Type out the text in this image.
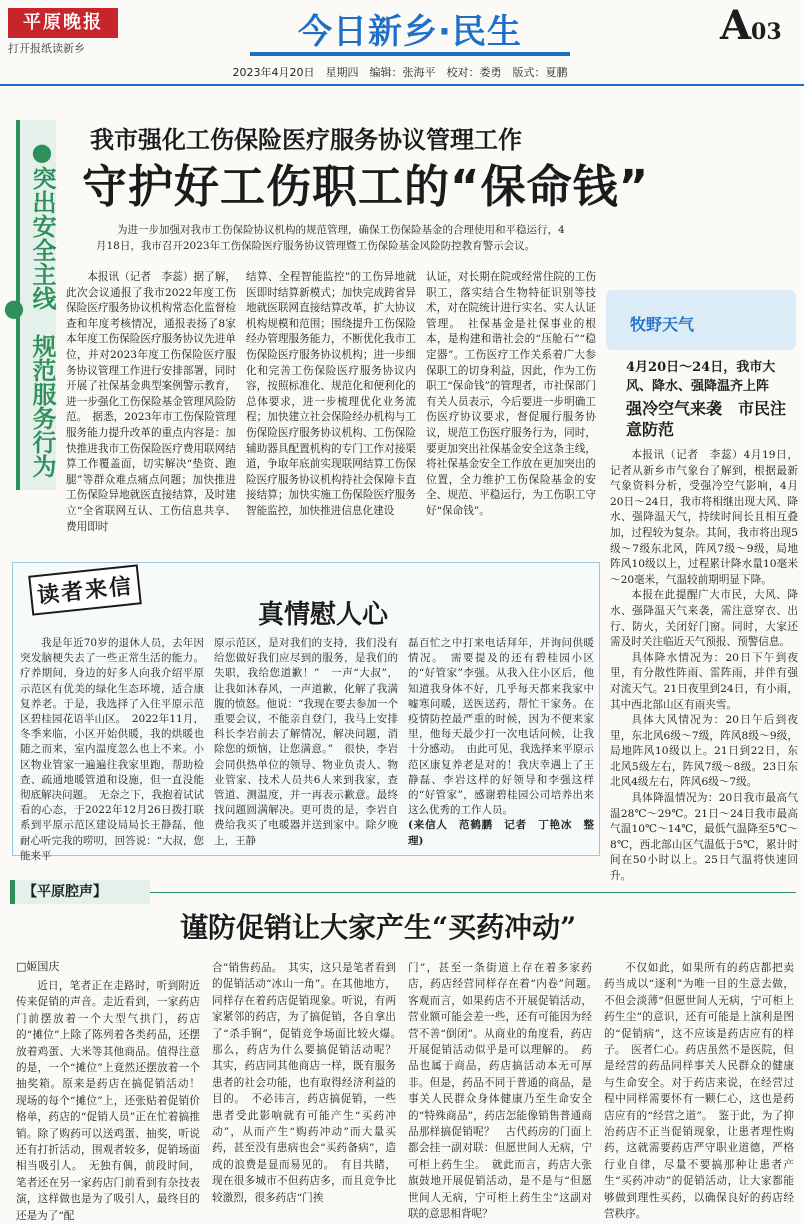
平原晚报
打开报纸读新乡	今日新乡·民生	A03
2023年4月20日　星期四　编辑：张海平　校对：娄勇　版式：夏鹏
●突出安全主线　规范服务行为●
我市强化工伤保险医疗服务协议管理工作
守护好工伤职工的“保命钱”
为进一步加强对我市工伤保险协议机构的规范管理，确保工伤保险基金的合理使用和平稳运行，4月18日，我市召开2023年工伤保险医疗服务协议管理暨工伤保险基金风险防控教育警示会议。

本报讯（记者　李蕊）据了解，此次会议通报了我市2022年度工伤保险医疗服务协议机构常态化监督检查和年度考核情况，通报表扬了8家本年度工伤保险医疗服务协议先进单位，并对2023年度工伤保险医疗服务协议管理工作进行安排部署，同时开展了社保基金典型案例警示教育，进一步强化工伤保险基金管理风险防范。　据悉，2023年市工伤保险管理服务能力提升改革的重点内容是：加快推进我市工伤保险医疗费用联网结算工作覆盖面，切实解决“垫资、跑腿”等群众难点痛点问题；加快推进工伤保险异地就医直接结算，及时建立“全省联网互认、工伤信息共享、费用即时

结算、全程智能监控”的工伤异地就医即时结算新模式；加快完成跨省异地就医联网直接结算改革，扩大协议机构规模和范围；围绕提升工伤保险经办管理服务能力，不断优化我市工伤保险医疗服务协议机构；进一步细化和完善工伤保险医疗服务协议内容，按照标准化、规范化和便利化的总体要求，进一步梳理优化业务流程；加快建立社会保险经办机构与工伤保险医疗服务协议机构、工伤保险辅助器具配置机构的专门工作对接渠道，争取年底前实现联网结算工伤保险医疗服务协议机构持社会保障卡直接结算；加快实施工伤保险医疗服务智能监控，加快推进信息化建设

认证，对长期在院或经常住院的工伤职工，落实结合生物特征识别等技术，对在院统计进行实名、实人认证管理。　社保基金是社保事业的根本，是构建和谐社会的“压舱石”“稳定器”。工伤医疗工作关系着广大参保职工的切身利益，因此，作为工伤职工“保命钱”的管理者，市社保部门有关人员表示，今后要进一步明确工伤医疗协议要求，督促履行服务协议，规范工伤医疗服务行为，同时，要更加突出社保基金安全这条主线，将社保基金安全工作放在更加突出的位置，全力维护工伤保险基金的安全、规范、平稳运行，为工伤职工守好“保命钱”。

牧野天气
4月20日～24日，我市大风、降水、强降温齐上阵
强冷空气来袭　市民注意防范

本报讯（记者　李蕊）4月19日，记者从新乡市气象台了解到，根据最新气象资料分析，受强冷空气影响，4月20日～24日，我市将相继出现大风、降水、强降温天气，持续时间长且相互叠加，过程较为复杂。其间，我市将出现5级～7级东北风，阵风7级～9级，局地阵风10级以上，过程累计降水量10毫米～20毫米，气温较前期明显下降。

本报在此提醒广大市民，大风、降水、强降温天气来袭，需注意穿衣、出行、防火，关闭好门窗。同时，大家还需及时关注临近天气预报、预警信息。

具体降水情况为：20日下午到夜里，有分散性阵雨、雷阵雨，并伴有强对流天气。21日夜里到24日，有小雨，其中西北部山区有雨夹雪。

具体大风情况为：20日午后到夜里，东北风6级～7级，阵风8级～9级，局地阵风10级以上。21日到22日，东北风5级左右，阵风7级～8级。23日东北风4级左右，阵风6级～7级。

具体降温情况为：20日我市最高气温28℃～29℃。21日～24日我市最高气温10℃～14℃，最低气温降至5℃～8℃，西北部山区气温低于5℃，累计时间在50小时以上。25日气温将快速回升。

读者来信
真情慰人心

我是年近70岁的退休人员，去年因突发脑梗失去了一些正常生活的能力。疗养期间，身边的好多人向我介绍平原示范区有优美的绿化生态环境，适合康复养老。于是，我选择了入住平原示范区碧桂园花语半山区。　2022年11月，冬季来临，小区开始供暖，我的烘暖也随之而来，室内温度忽么也上不来。小区物业管家一遍遍往我家里跑，帮助检查、疏通地暖管道和设施，但一直没能彻底解决问题。　无奈之下，我抱着试试看的心态，于2022年12月26日拨打联系到平原示范区建设局局长王静磊，他耐心听完我的唠叨，回答说：“大叔，您能来平

原示范区，是对我们的支持，我们没有给您做好我们应尽到的服务，是我们的失职，我给您道歉！”　一声“大叔”，让我如沐春风，一声道歉，化解了我满腹的愤怒。他说：“我现在要去参加一个重要会议，不能亲自登门，我马上安排科长李岩前去了解情况，解决问题，消除您的烦恼，让您满意。”　很快，李岩会同供热单位的领导、物业负责人、物业管家、技术人员共6人来到我家，查管道、测温度，并一再表示歉意。最终找问题圆满解决。更可贵的是，李岩自费给我买了电暖器并送到家中。除夕晚上，王静

磊百忙之中打来电话拜年，并询问供暖情况。　需要提及的还有碧桂园小区的“好管家”李强。从我入住小区后，他知道我身体不好，几乎每天都来我家中嘘寒问暖，送医送药，帮忙干家务。在疫情防控最严重的时候，因为不便来家里，他每天最少打一次电话问候，让我十分感动。　由此可见，我选择来平原示范区康复养老是对的！我庆幸遇上了王静磊、李岩这样的好领导和李强这样的“好管家”，感谢碧桂园公司培养出来这么优秀的工作人员。

(来信人　范鹤鹏　记者　丁艳冰　整理)

【平原腔声】
谨防促销让大家产生“买药冲动”
□姬国庆

近日，笔者正在走路时，听到附近传来促销的声音。走近看到，一家药店门前摆放着一个大型气拱门，药店的“摊位”上除了陈列着各类药品，还摆放着鸡蛋、大米等其他商品。值得注意的是，一个“摊位”上竟然还摆放着一个抽奖箱。原来是药店在搞促销活动！　现场的每个“摊位”上，还张贴着促销价格单，药店的“促销人员”正在忙着搞推销。除了购药可以送鸡蛋、抽奖，听说还有打折活动，围观者较多，促销场面相当吸引人。　无独有偶，前段时间，笔者还在另一家药店门前看到有杂技表演，这样做也是为了吸引人，最终目的还是为了“配

合”销售药品。　其实，这只是笔者看到的促销活动“冰山一角”。在其他地方，同样存在着药店促销现象。听说，有两家紧邻的药店，为了搞促销，各自拿出了“杀手锏”，促销竞争场面比较火爆。　那么，药店为什么要搞促销活动呢？　其实，药店同其他商店一样，既有服务患者的社会功能，也有取得经济利益的目的。　不必讳言，药店搞促销，一些患者受此影响就有可能产生“买药冲动”，从而产生“购药冲动”而大量买药，甚至没有患病也会“买药备病”，造成的浪费是显而易见的。　有目共睹，现在很多城市不但药店多，而且竞争比较激烈，很多药店“门挨

门”，甚至一条街道上存在着多家药店，药店经营同样存在着“内卷”问题。　客观而言，如果药店不开展促销活动，营业额可能会差一些，还有可能因为经营不善“倒闭”。从商业的角度看，药店开展促销活动似乎是可以理解的。　药品也属于商品，药店搞活动本无可厚非。但是，药品不同于普通的商品，是事关人民群众身体健康乃至生命安全的“特殊商品”，药店怎能像销售普通商品那样搞促销呢？　古代药房的门面上都会挂一副对联：但愿世间人无病，宁可柜上药生尘。　就此而言，药店大张旗鼓地开展促销活动，是不是与“但愿世间人无病，宁可柜上药生尘”这副对联的意思相背呢？

不仅如此，如果所有的药店都把卖药当成以“逐利”为唯一目的生意去做，不但会淡薄“但愿世间人无病，宁可柜上药生尘”的意识，还有可能是上演利是图的“促销病”，这不应该是药店应有的样子。　医者仁心。药店虽然不是医院，但是经营的药品同样事关人民群众的健康与生命安全。对于药店来说，在经营过程中同样需要怀有一颗仁心，这也是药店应有的“经营之道”。　鉴于此，为了抑治药店不正当促销现象，让患者理性购药，这就需要药店严守职业道德，严格行业自律，尽量不要搞那种让患者产生“买药冲动”的促销活动，让大家都能够做到理性买药，以确保良好的药店经营秩序。
